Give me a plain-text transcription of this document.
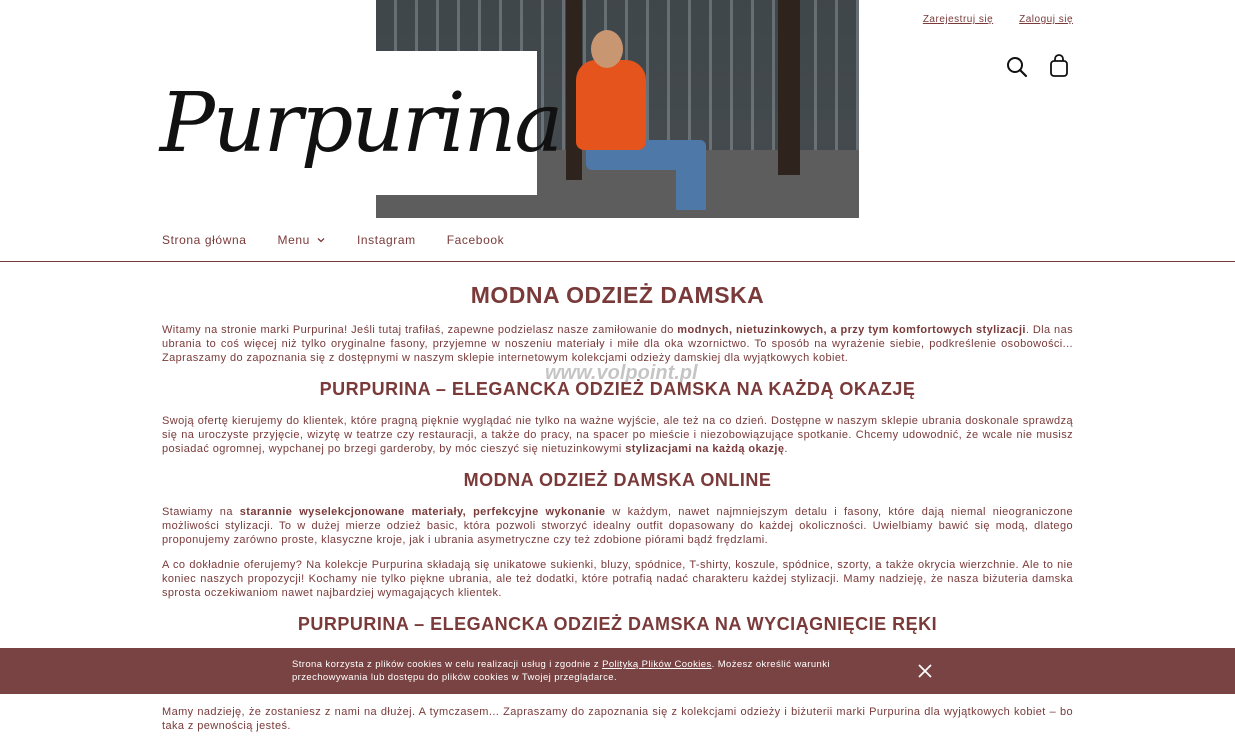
Purpurina
Zarejestruj się	Zaloguj się
Strona główna	Menu	Instagram	Facebook
MODNA ODZIEŻ DAMSKA

Witamy na stronie marki Purpurina! Jeśli tutaj trafiłaś, zapewne podzielasz nasze zamiłowanie do modnych, nietuzinkowych, a przy tym komfortowych stylizacji. Dla nas ubrania to coś więcej niż tylko oryginalne fasony, przyjemne w noszeniu materiały i miłe dla oka wzornictwo. To sposób na wyrażenie siebie, podkreślenie osobowości... Zapraszamy do zapoznania się z dostępnymi w naszym sklepie internetowym kolekcjami odzieży damskiej dla wyjątkowych kobiet.

PURPURINA – ELEGANCKA ODZIEŻ DAMSKA NA KAŻDĄ OKAZJĘ

Swoją ofertę kierujemy do klientek, które pragną pięknie wyglądać nie tylko na ważne wyjście, ale też na co dzień. Dostępne w naszym sklepie ubrania doskonale sprawdzą się na uroczyste przyjęcie, wizytę w teatrze czy restauracji, a także do pracy, na spacer po mieście i niezobowiązujące spotkanie. Chcemy udowodnić, że wcale nie musisz posiadać ogromnej, wypchanej po brzegi garderoby, by móc cieszyć się nietuzinkowymi stylizacjami na każdą okazję.

MODNA ODZIEŻ DAMSKA ONLINE

Stawiamy na starannie wyselekcjonowane materiały, perfekcyjne wykonanie w każdym, nawet najmniejszym detalu i fasony, które dają niemal nieograniczone możliwości stylizacji. To w dużej mierze odzież basic, która pozwoli stworzyć idealny outfit dopasowany do każdej okoliczności. Uwielbiamy bawić się modą, dlatego proponujemy zarówno proste, klasyczne kroje, jak i ubrania asymetryczne czy też zdobione piórami bądź frędzlami.

A co dokładnie oferujemy? Na kolekcje Purpurina składają się unikatowe sukienki, bluzy, spódnice, T-shirty, koszule, spódnice, szorty, a także okrycia wierzchnie. Ale to nie koniec naszych propozycji! Kochamy nie tylko piękne ubrania, ale też dodatki, które potrafią nadać charakteru każdej stylizacji. Mamy nadzieję, że nasza biżuteria damska sprosta oczekiwaniom nawet najbardziej wymagających klientek.

PURPURINA – ELEGANCKA ODZIEŻ DAMSKA NA WYCIĄGNIĘCIE RĘKI
www.volpoint.pl
Strona korzysta z plików cookies w celu realizacji usług i zgodnie z Polityką Plików Cookies. Możesz określić warunki przechowywania lub dostępu do plików cookies w Twojej przeglądarce.

Mamy nadzieję, że zostaniesz z nami na dłużej. A tymczasem... Zapraszamy do zapoznania się z kolekcjami odzieży i biżuterii marki Purpurina dla wyjątkowych kobiet – bo taka z pewnością jesteś.
